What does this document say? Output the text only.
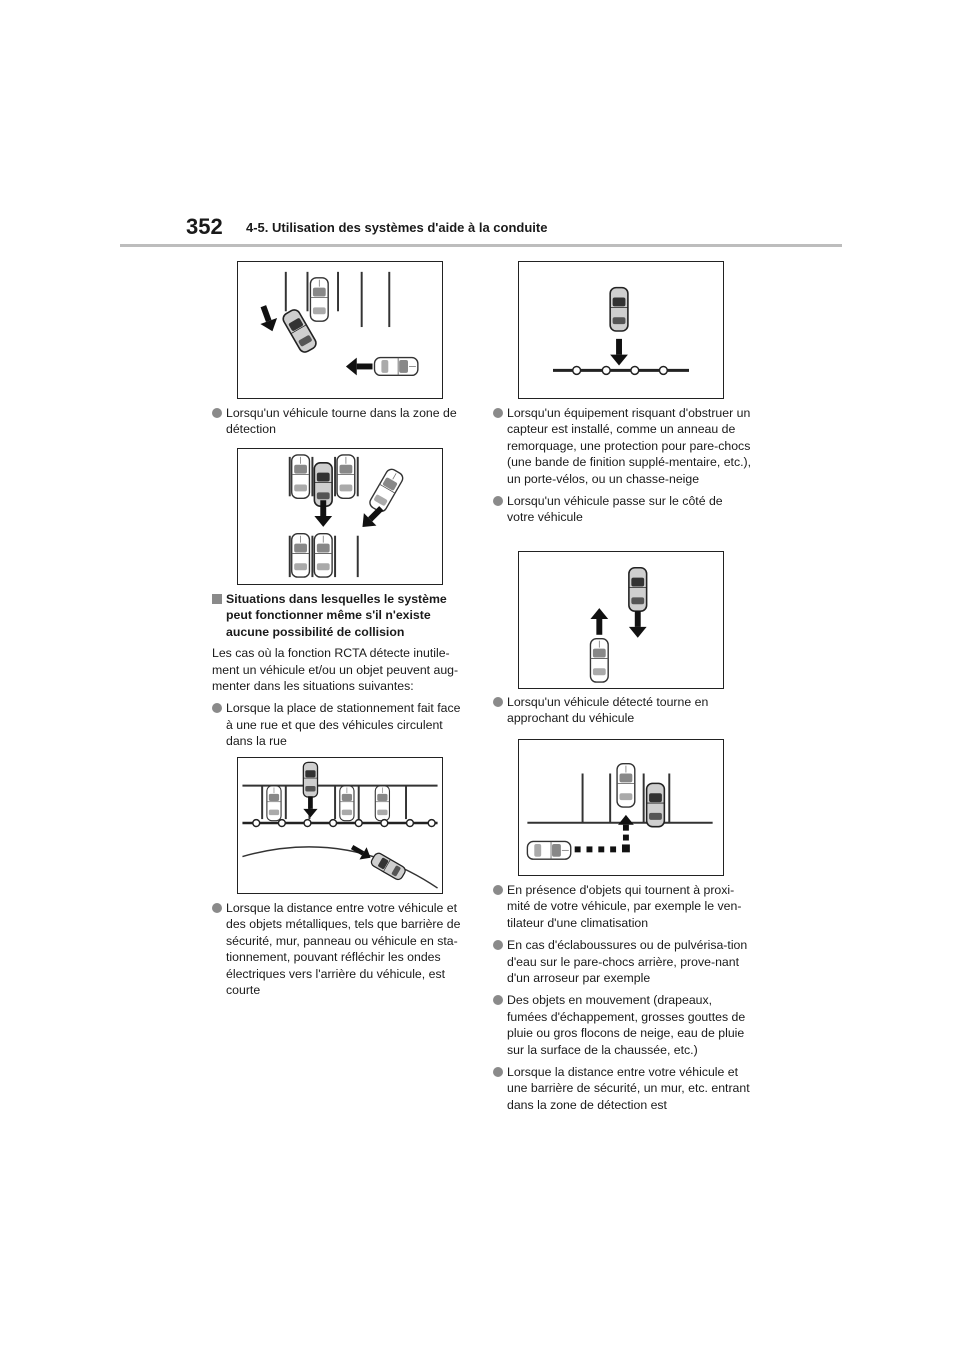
352 4-5. Utilisation des systèmes d'aide à la conduite

Lorsqu'un véhicule tourne dans la zone de détection

Situations dans lesquelles le système peut fonctionner même s'il n'existe aucune possibilité de collision

Les cas où la fonction RCTA détecte inutile-ment un véhicule et/ou un objet peuvent aug-menter dans les situations suivantes:

Lorsque la place de stationnement fait face à une rue et que des véhicules circulent dans la rue

Lorsque la distance entre votre véhicule et des objets métalliques, tels que barrière de sécurité, mur, panneau ou véhicule en sta-tionnement, pouvant réfléchir les ondes électriques vers l'arrière du véhicule, est courte

Lorsqu'un équipement risquant d'obstruer un capteur est installé, comme un anneau de remorquage, une protection pour pare-chocs (une bande de finition supplé-mentaire, etc.), un porte-vélos, ou un chasse-neige

Lorsqu'un véhicule passe sur le côté de votre véhicule

Lorsqu'un véhicule détecté tourne en approchant du véhicule

En présence d'objets qui tournent à proxi-mité de votre véhicule, par exemple le ven-tilateur d'une climatisation

En cas d'éclaboussures ou de pulvérisa-tion d'eau sur le pare-chocs arrière, prove-nant d'un arroseur par exemple

Des objets en mouvement (drapeaux, fumées d'échappement, grosses gouttes de pluie ou gros flocons de neige, eau de pluie sur la surface de la chaussée, etc.)

Lorsque la distance entre votre véhicule et une barrière de sécurité, un mur, etc. entrant dans la zone de détection est
